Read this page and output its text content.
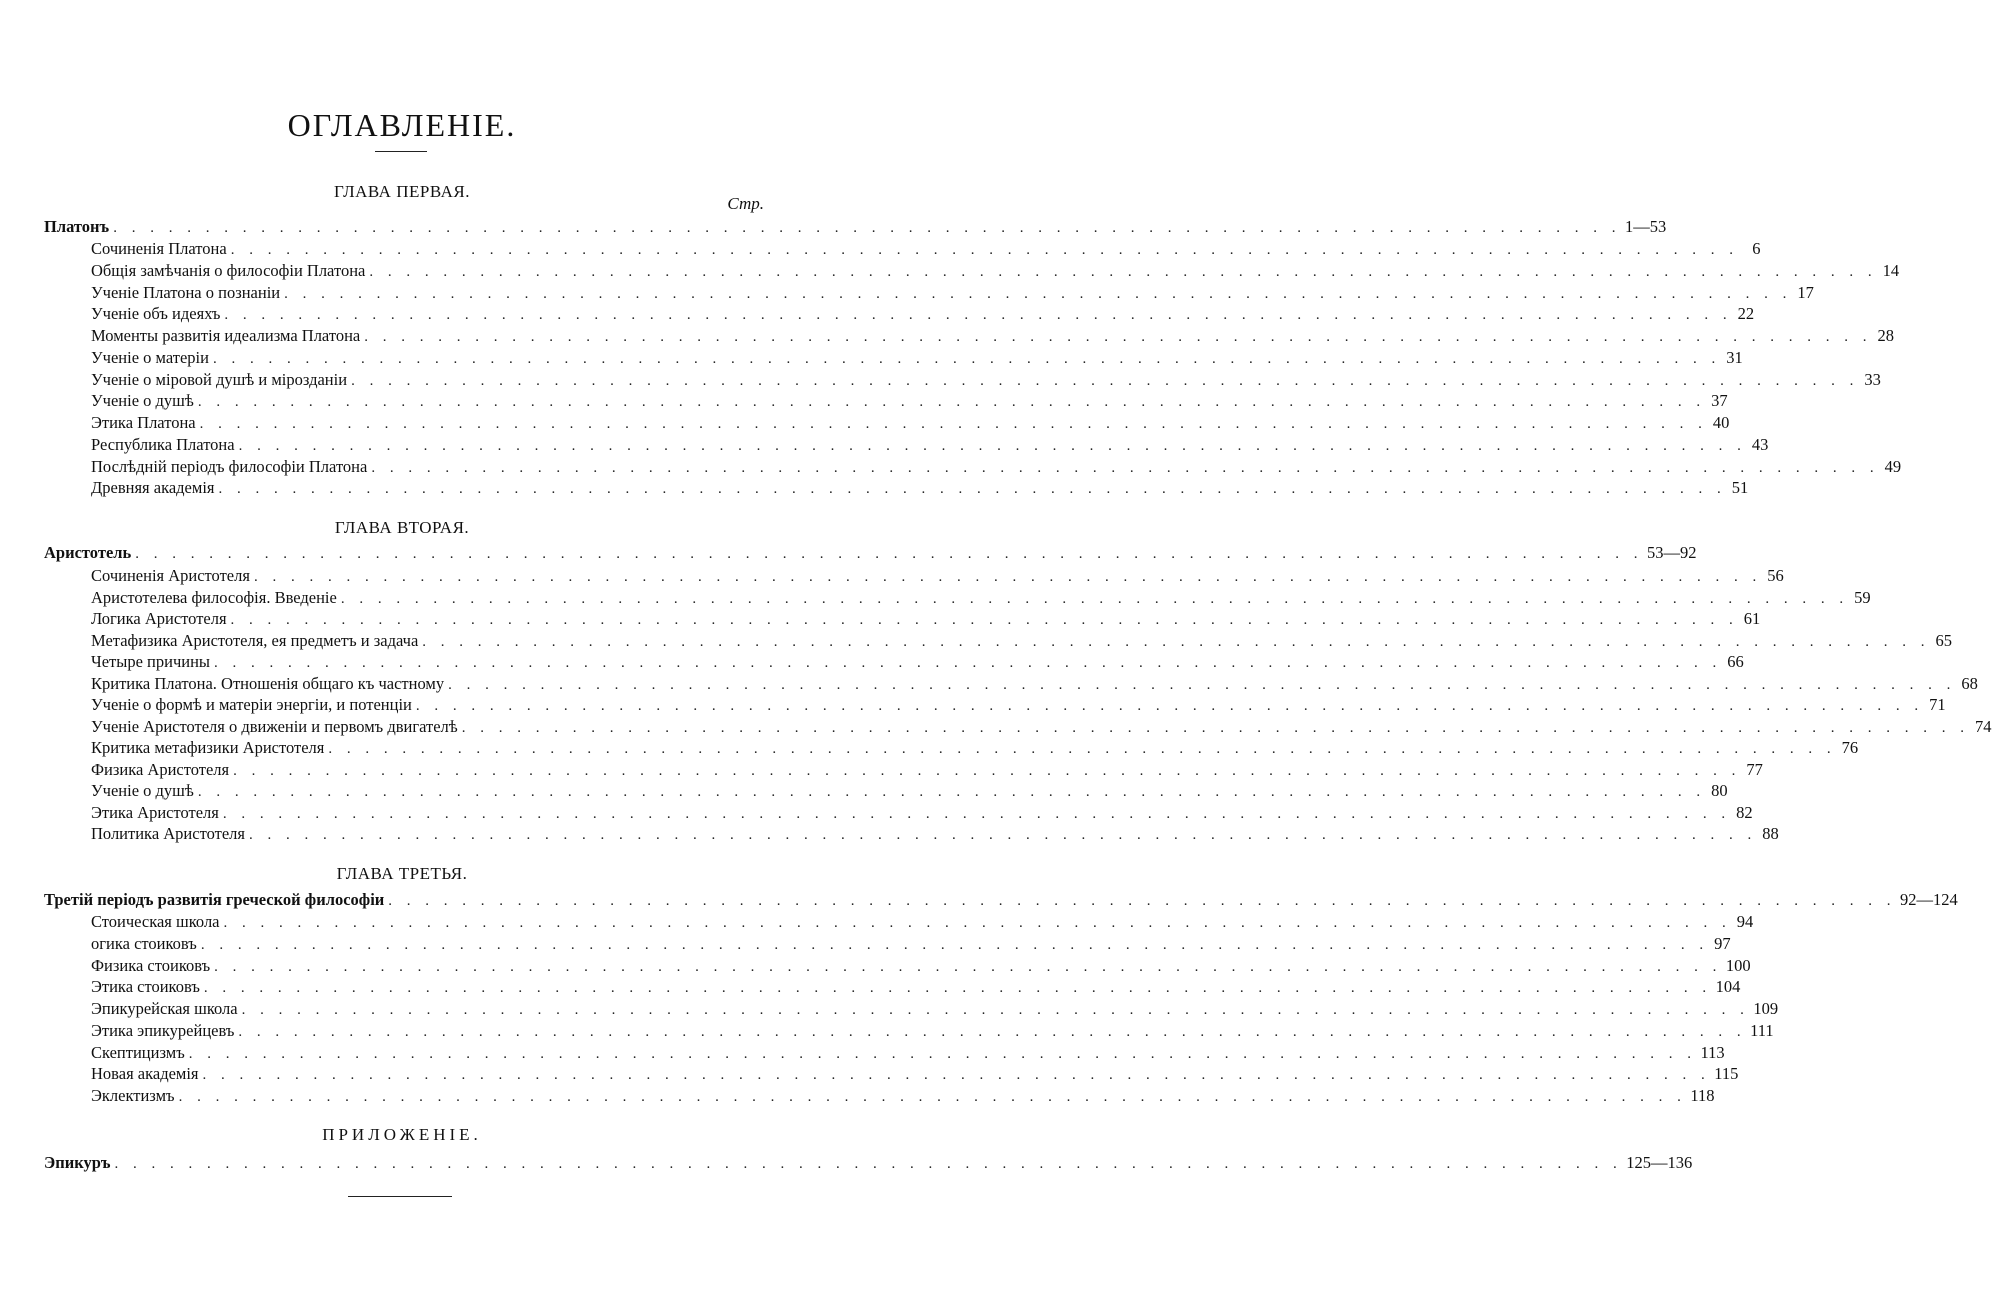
ОГЛАВЛЕНІЕ.
ГЛАВА ПЕРВАЯ.
Стр.
Платонъ . . .	1—53
Сочиненія Платона . . .	6
Общія замѣчанія о философіи Платона . . .	14
Ученіе Платона о познаніи . . .	17
Ученіе объ идеяхъ . . .	22
Моменты развитія идеализма Платона . . .	28
Ученіе о матеріи . . .	31
Ученіе о міровой душѣ и мірозданіи . . .	33
Ученіе о душѣ . . .	37
Этика Платона . . .	40
Республика Платона . . .	43
Послѣдній періодъ философіи Платона . . .	49
Древняя академія . . .	51
ГЛАВА ВТОРАЯ.
Аристотель . . .	53—92
Сочиненія Аристотеля . . .	56
Аристотелева философія. Введеніе . . .	59
Логика Аристотеля . . .	61
Метафизика Аристотеля, ея предметъ и задача . . .	65
Четыре причины . . .	66
Критика Платона. Отношенія общаго къ частному . . .	68
Ученіе о формѣ и матеріи энергіи, и потенціи . . .	71
Ученіе Аристотеля о движеніи и первомъ двигателѣ . . .	74
Критика метафизики Аристотеля . . .	76
Физика Аристотеля . . .	77
Ученіе о душѣ . . .	80
Этика Аристотеля . . .	82
Политика Аристотеля . . .	88
ГЛАВА ТРЕТЬЯ.
Третій періодъ развитія греческой философіи . . .	92—124
Стоическая школа . . .	94
огика стоиковъ . . .	97
Физика стоиковъ . . .	100
Этика стоиковъ . . .	104
Эпикурейская школа . . .	109
Этика эпикурейцевъ . . .	111
Скептицизмъ . . .	113
Новая академія . . .	115
Эклектизмъ . . .	118
ПРИЛОЖЕНІЕ.
Эпикуръ . . .	125—136
